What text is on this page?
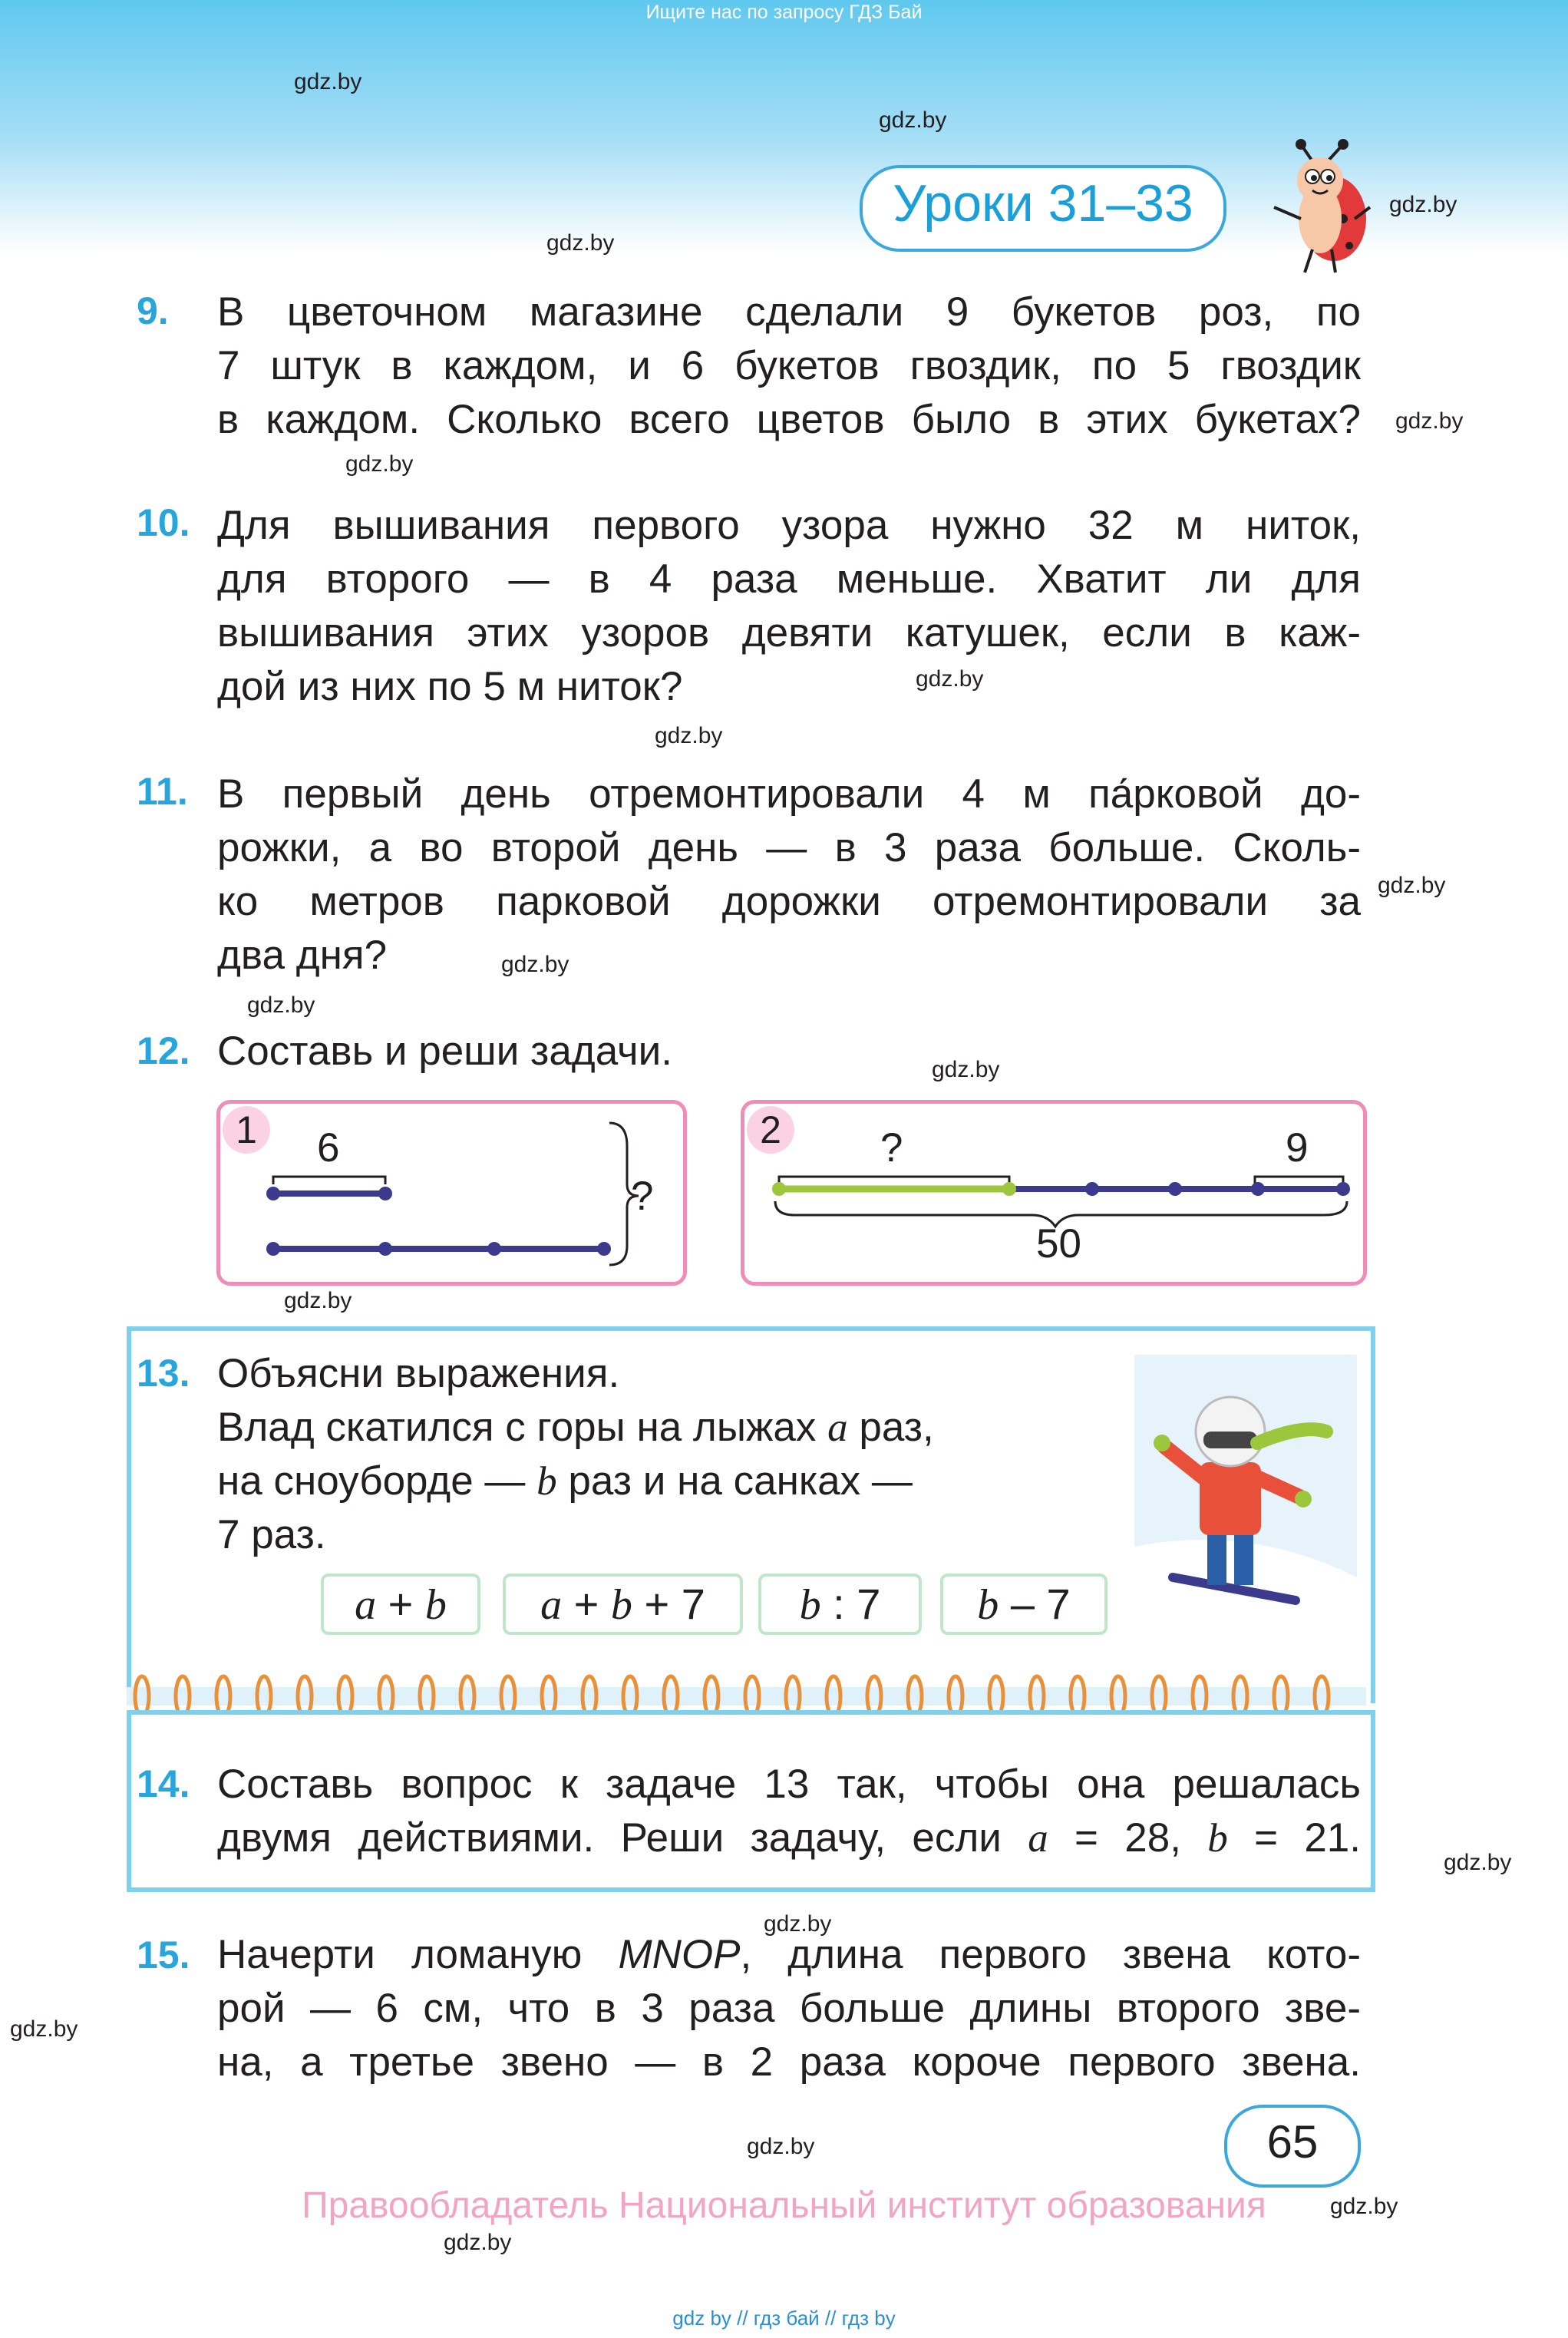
Ищите нас по запросу ГДЗ Бай
Уроки 31–33
gdz.by
gdz.by
gdz.by
gdz.by
gdz.by
gdz.by
gdz.by
gdz.by
gdz.by
gdz.by
gdz.by
gdz.by
gdz.by
gdz.by
gdz.by
gdz.by
gdz.by
gdz.by
gdz.by
9. В цветочном магазине сделали 9 букетов роз, по
7 штук в каждом, и 6 букетов гвоздик, по 5 гвоздик
в каждом. Сколько всего цветов было в этих букетах?
10. Для вышивания первого узора нужно 32 м ниток,
для второго — в 4 раза меньше. Хватит ли для
вышивания этих узоров девяти катушек, если в каж-
дой из них по 5 м ниток?
11. В первый день отремонтировали 4 м па́рковой до-
рожки, а во второй день — в 3 раза больше. Сколь-
ко метров парковой дорожки отремонтировали за
два дня?
12. Составь и реши задачи.
1	6
?
2	?	9
50
13. Объясни выражения.
Влад скатился с горы на лыжах a раз,
на сноуборде — b раз и на санках —
7 раз.
a + b	a + b + 7	b : 7	b – 7
14. Составь вопрос к задаче 13 так, чтобы она решалась
двумя действиями. Реши задачу, если a = 28, b = 21.
15. Начерти ломаную MNOP, длина первого звена кото-
рой — 6 см, что в 3 раза больше длины второго зве-
на, а третье звено — в 2 раза короче первого звена.
65
Правообладатель Национальный институт образования
gdz by // гдз бай // гдз by
